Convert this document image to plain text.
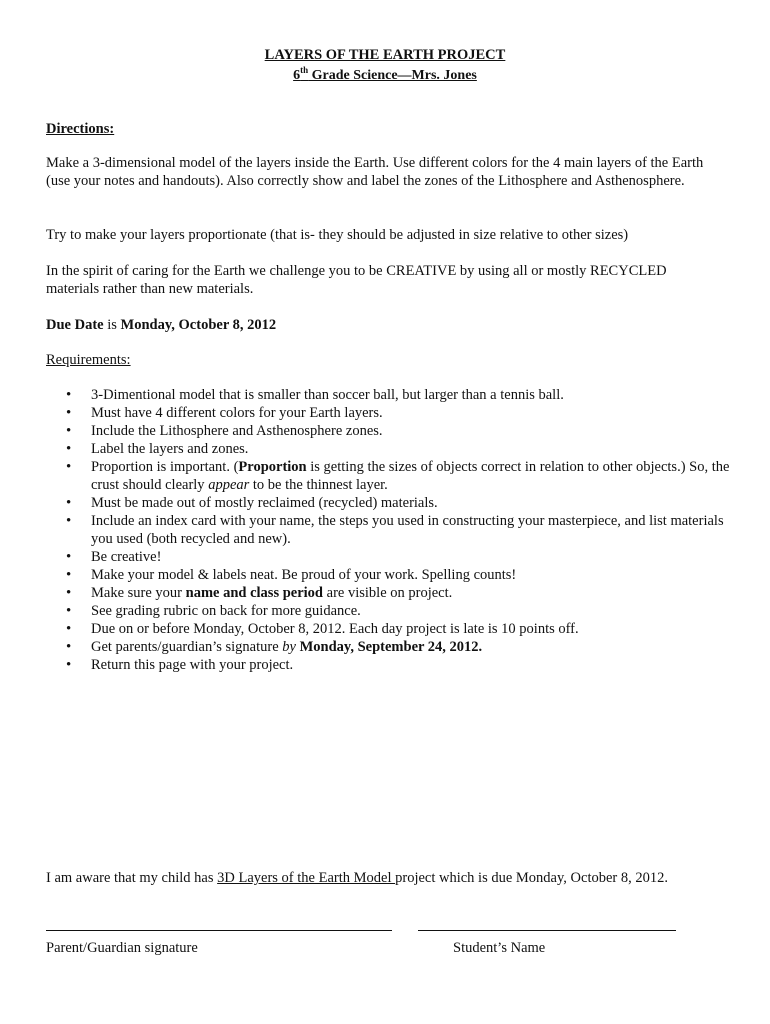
LAYERS OF THE EARTH PROJECT
6th Grade Science—Mrs. Jones
Directions:
Make a 3-dimensional model of the layers inside the Earth. Use different colors for the 4 main layers of the Earth (use your notes and handouts). Also correctly show and label the zones of the Lithosphere and Asthenosphere.
Try to make your layers proportionate (that is- they should be adjusted in size relative to other sizes)
In the spirit of caring for the Earth we challenge you to be CREATIVE by using all or mostly RECYCLED materials rather than new materials.
Due Date is Monday, October 8, 2012
Requirements:
• 3-Dimentional model that is smaller than soccer ball, but larger than a tennis ball.
• Must have 4 different colors for your Earth layers.
• Include the Lithosphere and Asthenosphere zones.
• Label the layers and zones.
• Proportion is important. (Proportion is getting the sizes of objects correct in relation to other objects.) So, the crust should clearly appear to be the thinnest layer.
• Must be made out of mostly reclaimed (recycled) materials.
• Include an index card with your name, the steps you used in constructing your masterpiece, and list materials you used (both recycled and new).
• Be creative!
• Make your model & labels neat. Be proud of your work. Spelling counts!
• Make sure your name and class period are visible on project.
• See grading rubric on back for more guidance.
• Due on or before Monday, October 8, 2012. Each day project is late is 10 points off.
• Get parents/guardian’s signature by Monday, September 24, 2012.
• Return this page with your project.
I am aware that my child has 3D Layers of the Earth Model project which is due Monday, October 8, 2012.
Parent/Guardian signature	Student’s Name
